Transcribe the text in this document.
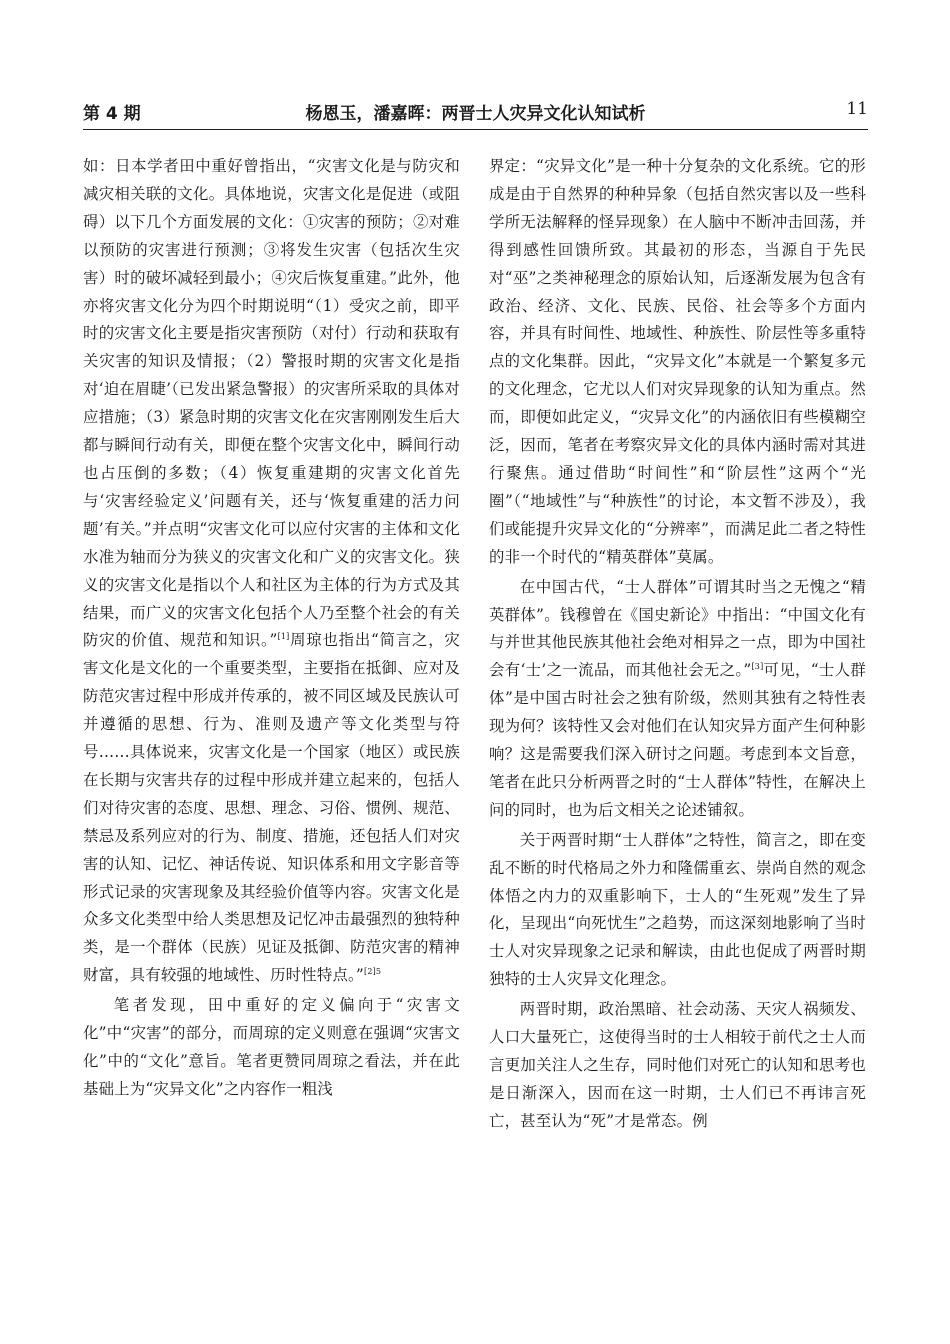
第 4 期	杨恩玉，潘嘉晖：两晋士人灾异文化认知试析	11

如：日本学者田中重好曾指出，“灾害文化是与防灾和减灾相关联的文化。具体地说，灾害文化是促进（或阻碍）以下几个方面发展的文化：①灾害的预防；②对难以预防的灾害进行预测；③将发生灾害（包括次生灾害）时的破坏减轻到最小；④灾后恢复重建。”此外，他亦将灾害文化分为四个时期说明“（1）受灾之前，即平时的灾害文化主要是指灾害预防（对付）行动和获取有关灾害的知识及情报；（2）警报时期的灾害文化是指对‘迫在眉睫’（已发出紧急警报）的灾害所采取的具体对应措施；（3）紧急时期的灾害文化在灾害刚刚发生后大都与瞬间行动有关，即便在整个灾害文化中，瞬间行动也占压倒的多数；（4）恢复重建期的灾害文化首先与‘灾害经验定义’问题有关，还与‘恢复重建的活力问题’有关。”并点明“灾害文化可以应付灾害的主体和文化水准为轴而分为狭义的灾害文化和广义的灾害文化。狭义的灾害文化是指以个人和社区为主体的行为方式及其结果，而广义的灾害文化包括个人乃至整个社会的有关防灾的价值、规范和知识。”[1]周琼也指出“简言之，灾害文化是文化的一个重要类型，主要指在抵御、应对及防范灾害过程中形成并传承的，被不同区域及民族认可并遵循的思想、行为、准则及遗产等文化类型与符号……具体说来，灾害文化是一个国家（地区）或民族在长期与灾害共存的过程中形成并建立起来的，包括人们对待灾害的态度、思想、理念、习俗、惯例、规范、禁忌及系列应对的行为、制度、措施，还包括人们对灾害的认知、记忆、神话传说、知识体系和用文字影音等形式记录的灾害现象及其经验价值等内容。灾害文化是众多文化类型中给人类思想及记忆冲击最强烈的独特种类，是一个群体（民族）见证及抵御、防范灾害的精神财富，具有较强的地域性、历时性特点。”$^{[2]5}$

笔者发现，田中重好的定义偏向于“灾害文化”中“灾害”的部分，而周琼的定义则意在强调“灾害文化”中的“文化”意旨。笔者更赞同周琼之看法，并在此基础上为“灾异文化”之内容作一粗浅

界定：“灾异文化”是一种十分复杂的文化系统。它的形成是由于自然界的种种异象（包括自然灾害以及一些科学所无法解释的怪异现象）在人脑中不断冲击回荡，并得到感性回馈所致。其最初的形态，当源自于先民对“巫”之类神秘理念的原始认知，后逐渐发展为包含有政治、经济、文化、民族、民俗、社会等多个方面内容，并具有时间性、地域性、种族性、阶层性等多重特点的文化集群。因此，“灾异文化”本就是一个繁复多元的文化理念，它尤以人们对灾异现象的认知为重点。然而，即便如此定义，“灾异文化”的内涵依旧有些模糊空泛，因而，笔者在考察灾异文化的具体内涵时需对其进行聚焦。通过借助“时间性”和“阶层性”这两个“光圈”（“地域性”与“种族性”的讨论，本文暂不涉及），我们或能提升灾异文化的“分辨率”，而满足此二者之特性的非一个时代的“精英群体”莫属。

在中国古代，“士人群体”可谓其时当之无愧之“精英群体”。钱穆曾在《国史新论》中指出：“中国文化有与并世其他民族其他社会绝对相异之一点，即为中国社会有‘士’之一流品，而其他社会无之。”[3]可见，“士人群体”是中国古时社会之独有阶级，然则其独有之特性表现为何？该特性又会对他们在认知灾异方面产生何种影响？这是需要我们深入研讨之问题。考虑到本文旨意，笔者在此只分析两晋之时的“士人群体”特性，在解决上问的同时，也为后文相关之论述铺叙。

关于两晋时期“士人群体”之特性，简言之，即在变乱不断的时代格局之外力和隆儒重玄、崇尚自然的观念体悟之内力的双重影响下，士人的“生死观”发生了异化，呈现出“向死忧生”之趋势，而这深刻地影响了当时士人对灾异现象之记录和解读，由此也促成了两晋时期独特的士人灾异文化理念。

两晋时期，政治黑暗、社会动荡、天灾人祸频发、人口大量死亡，这使得当时的士人相较于前代之士人而言更加关注人之生存，同时他们对死亡的认知和思考也是日渐深入，因而在这一时期，士人们已不再讳言死亡，甚至认为“死”才是常态。例
